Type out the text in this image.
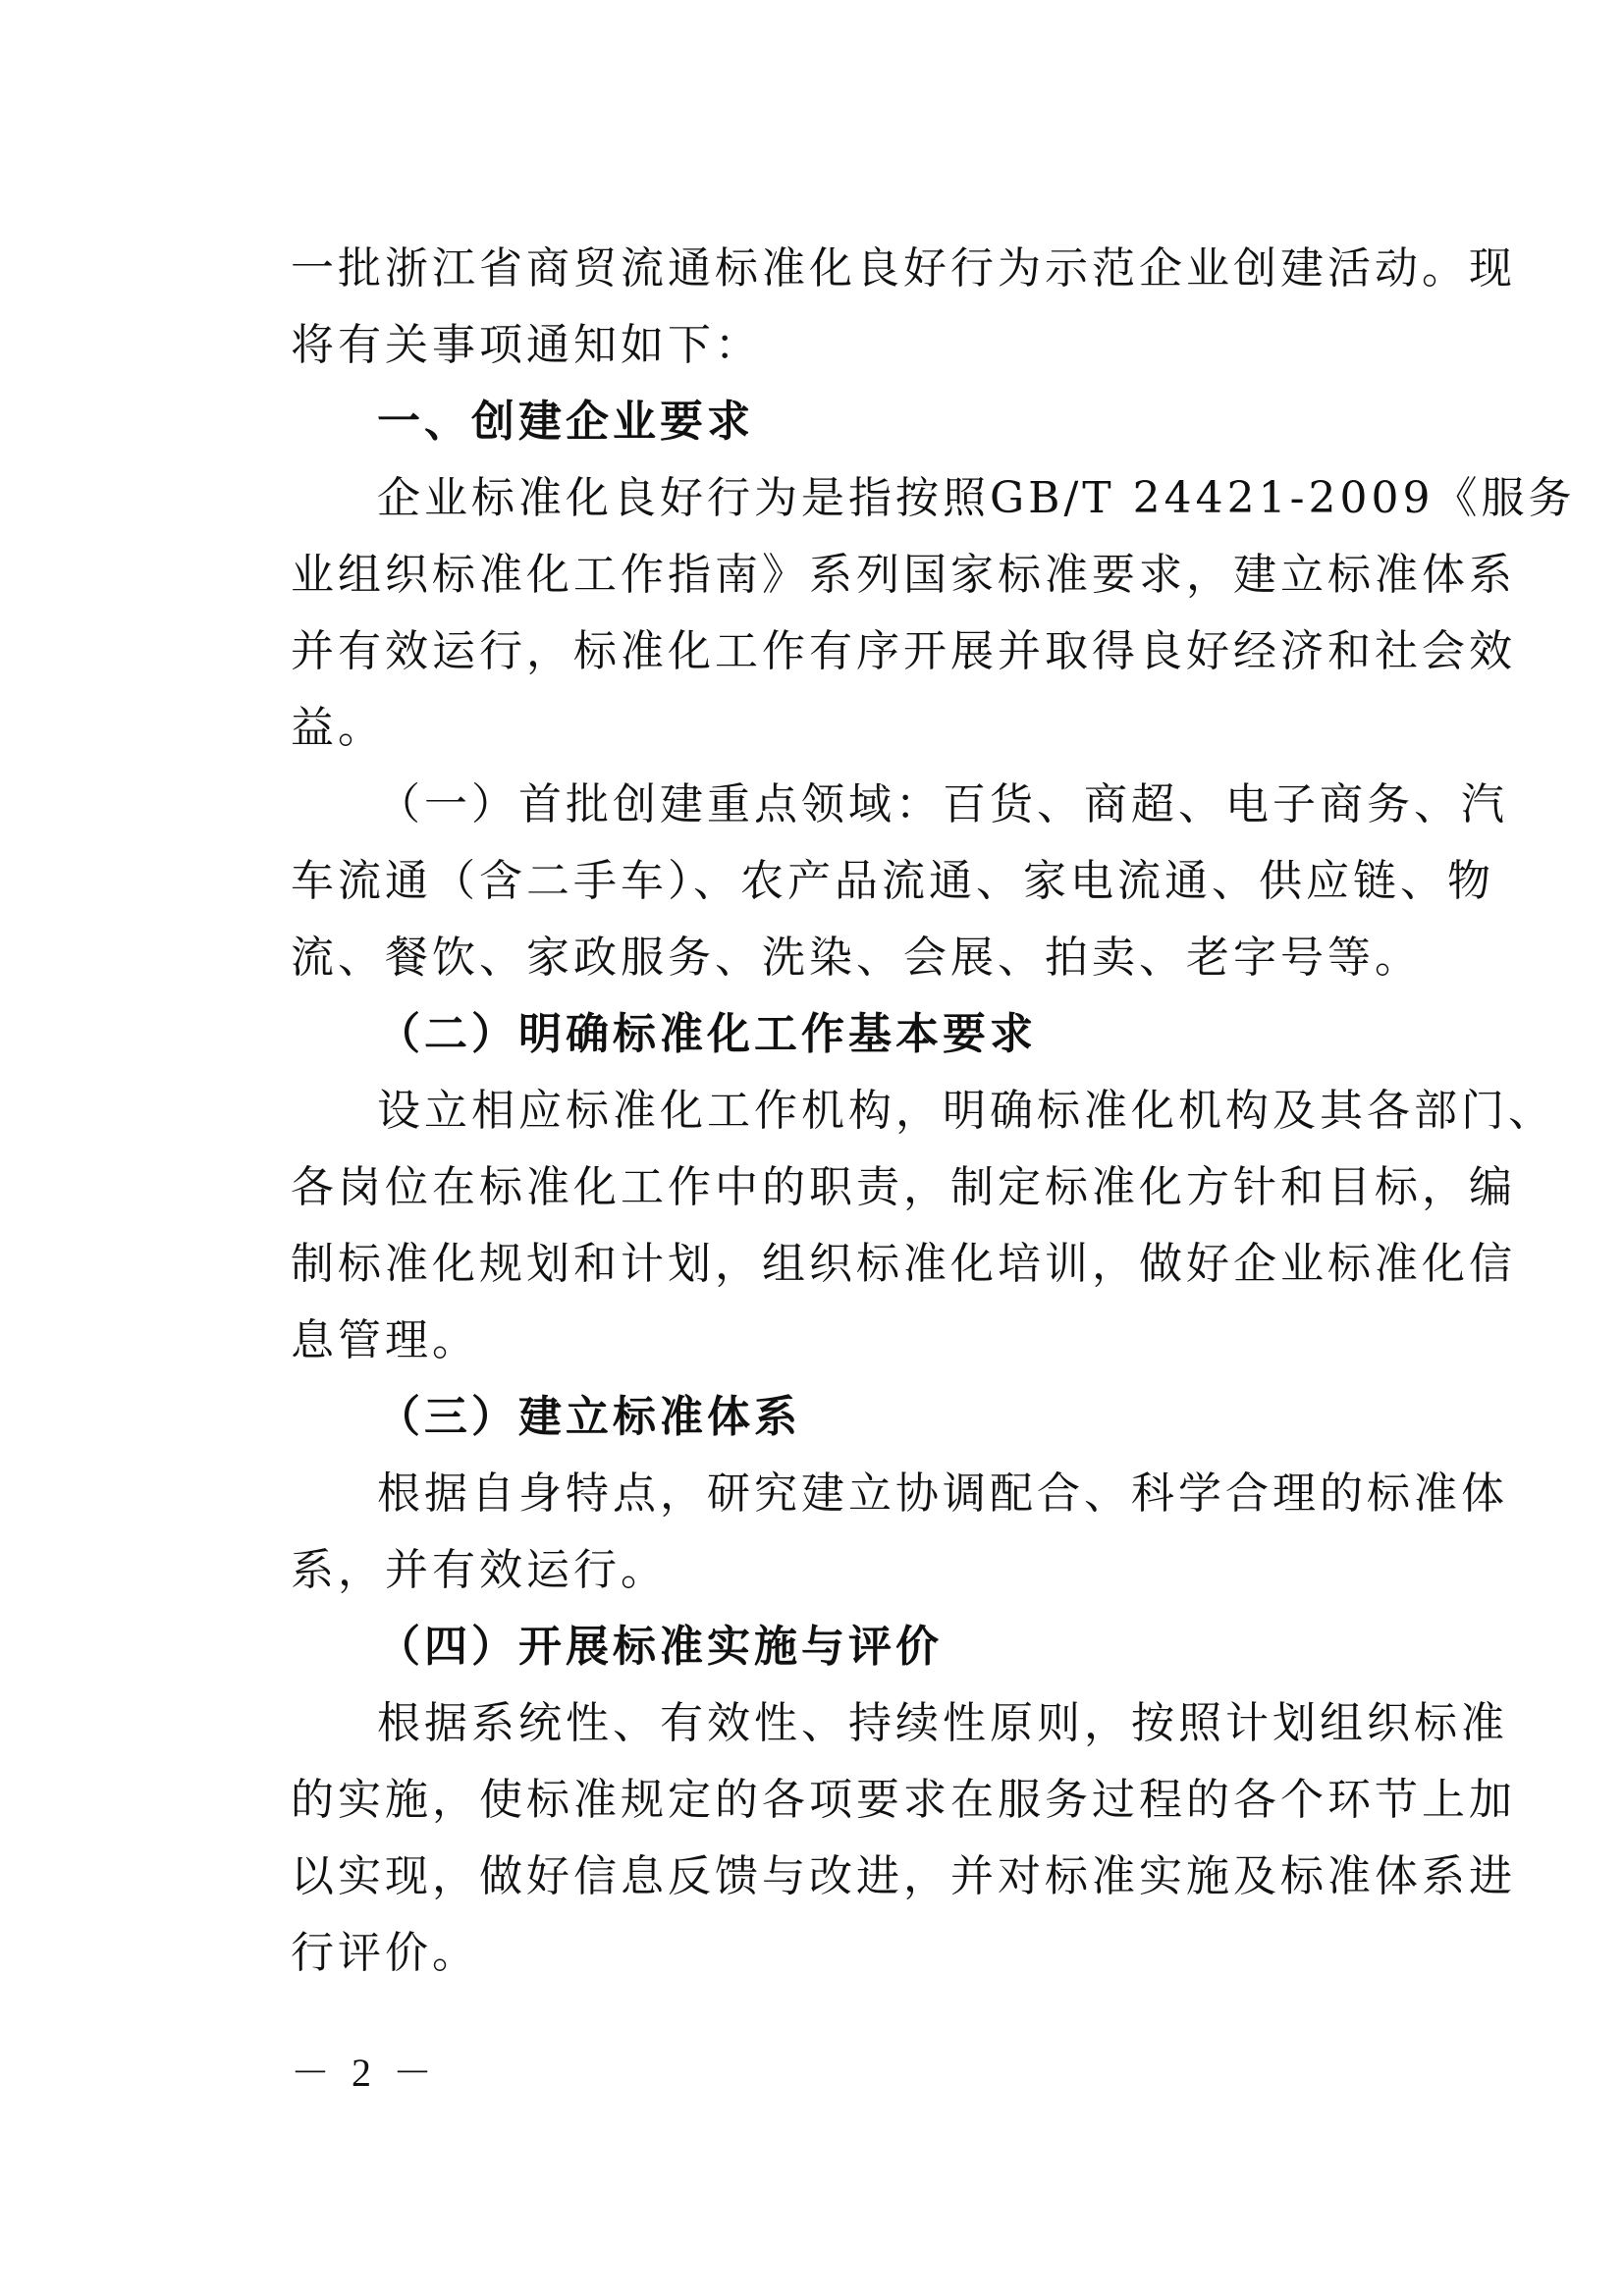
一批浙江省商贸流通标准化良好行为示范企业创建活动。现
将有关事项通知如下：
一、创建企业要求
企业标准化良好行为是指按照GB/T 24421-2009《服务
业组织标准化工作指南》系列国家标准要求，建立标准体系
并有效运行，标准化工作有序开展并取得良好经济和社会效
益。
（一）首批创建重点领域：百货、商超、电子商务、汽
车流通（含二手车）、农产品流通、家电流通、供应链、物
流、餐饮、家政服务、洗染、会展、拍卖、老字号等。
（二）明确标准化工作基本要求
设立相应标准化工作机构，明确标准化机构及其各部门、
各岗位在标准化工作中的职责，制定标准化方针和目标，编
制标准化规划和计划，组织标准化培训，做好企业标准化信
息管理。
（三）建立标准体系
根据自身特点，研究建立协调配合、科学合理的标准体
系，并有效运行。
（四）开展标准实施与评价
根据系统性、有效性、持续性原则，按照计划组织标准
的实施，使标准规定的各项要求在服务过程的各个环节上加
以实现，做好信息反馈与改进，并对标准实施及标准体系进
行评价。
－ 2 －
